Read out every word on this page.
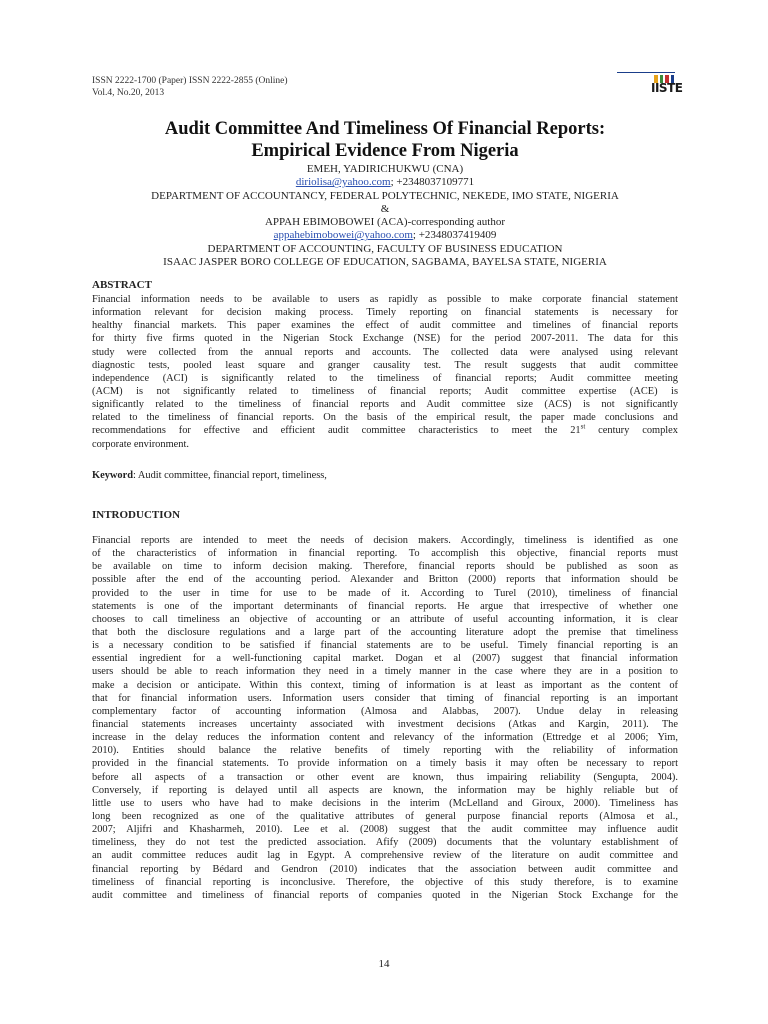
ISSN 2222-1700 (Paper) ISSN 2222-2855 (Online)
Vol.4, No.20, 2013	IISTE
Audit Committee And Timeliness Of Financial Reports:
Empirical Evidence From Nigeria
EMEH, YADIRICHUKWU (CNA)
diriolisa@yahoo.com; +2348037109771
DEPARTMENT OF ACCOUNTANCY, FEDERAL POLYTECHNIC, NEKEDE, IMO STATE, NIGERIA
&
APPAH EBIMOBOWEI (ACA)-corresponding author
appahebimobowei@yahoo.com; +2348037419409
DEPARTMENT OF ACCOUNTING, FACULTY OF BUSINESS EDUCATION
ISAAC JASPER BORO COLLEGE OF EDUCATION, SAGBAMA, BAYELSA STATE, NIGERIA
ABSTRACT
Financial information needs to be available to users as rapidly as possible to make corporate financial statement
information relevant for decision making process. Timely reporting on financial statements is necessary for
healthy financial markets. This paper examines the effect of audit committee and timelines of financial reports
for thirty five firms quoted in the Nigerian Stock Exchange (NSE) for the period 2007-2011. The data for this
study were collected from the annual reports and accounts. The collected data were analysed using relevant
diagnostic tests, pooled least square and granger causality test. The result suggests that audit committee
independence (ACI) is significantly related to the timeliness of financial reports; Audit committee meeting
(ACM) is not significantly related to timeliness of financial reports; Audit committee expertise (ACE) is
significantly related to the timeliness of financial reports and Audit committee size (ACS) is not significantly
related to the timeliness of financial reports. On the basis of the empirical result, the paper made conclusions and
recommendations for effective and efficient audit committee characteristics to meet the 21st century complex
corporate environment.
Keyword: Audit committee, financial report, timeliness,
INTRODUCTION
Financial reports are intended to meet the needs of decision makers. Accordingly, timeliness is identified as one
of the characteristics of information in financial reporting. To accomplish this objective, financial reports must
be available on time to inform decision making. Therefore, financial reports should be published as soon as
possible after the end of the accounting period. Alexander and Britton (2000) reports that information should be
provided to the user in time for use to be made of it. According to Turel (2010), timeliness of financial
statements is one of the important determinants of financial reports. He argue that irrespective of whether one
chooses to call timeliness an objective of accounting or an attribute of useful accounting information, it is clear
that both the disclosure regulations and a large part of the accounting literature adopt the premise that timeliness
is a necessary condition to be satisfied if financial statements are to be useful. Timely financial reporting is an
essential ingredient for a well-functioning capital market. Dogan et al (2007) suggest that financial information
users should be able to reach information they need in a timely manner in the case where they are in a position to
make a decision or anticipate. Within this context, timing of information is at least as important as the content of
that for financial information users. Information users consider that timing of financial reporting is an important
complementary factor of accounting information (Almosa and Alabbas, 2007). Undue delay in releasing
financial statements increases uncertainty associated with investment decisions (Atkas and Kargin, 2011). The
increase in the delay reduces the information content and relevancy of the information (Ettredge et al 2006; Yim,
2010). Entities should balance the relative benefits of timely reporting with the reliability of information
provided in the financial statements. To provide information on a timely basis it may often be necessary to report
before all aspects of a transaction or other event are known, thus impairing reliability (Sengupta, 2004).
Conversely, if reporting is delayed until all aspects are known, the information may be highly reliable but of
little use to users who have had to make decisions in the interim (McLelland and Giroux, 2000). Timeliness has
long been recognized as one of the qualitative attributes of general purpose financial reports (Almosa et al.,
2007; Aljifri and Khasharmeh, 2010). Lee et al. (2008) suggest that the audit committee may influence audit
timeliness, they do not test the predicted association. Afify (2009) documents that the voluntary establishment of
an audit committee reduces audit lag in Egypt. A comprehensive review of the literature on audit committee and
financial reporting by Bédard and Gendron (2010) indicates that the association between audit committee and
timeliness of financial reporting is inconclusive. Therefore, the objective of this study therefore, is to examine
audit committee and timeliness of financial reports of companies quoted in the Nigerian Stock Exchange for the
14
